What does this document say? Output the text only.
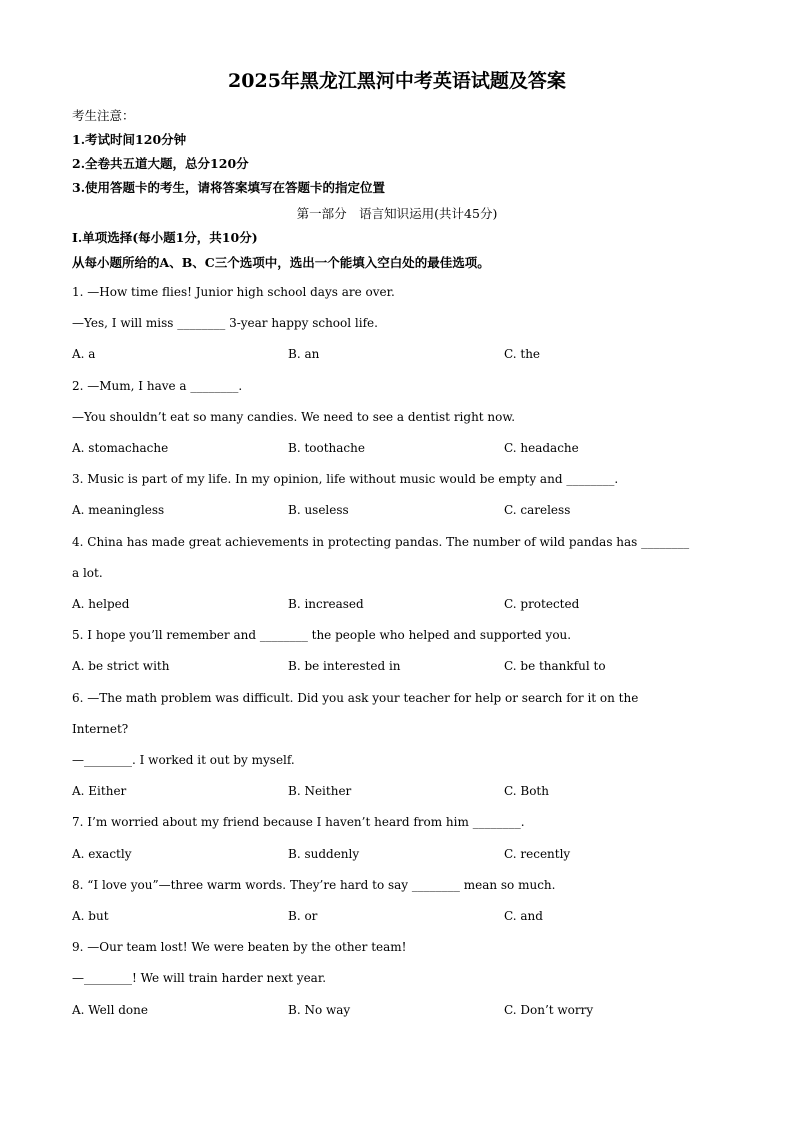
2025年黑龙江黑河中考英语试题及答案
考生注意：
1.考试时间120分钟
2.全卷共五道大题，总分120分
3.使用答题卡的考生，请将答案填写在答题卡的指定位置
第一部分　语言知识运用(共计45分)
I.单项选择(每小题1分，共10分)
从每小题所给的A、B、C三个选项中，选出一个能填入空白处的最佳选项。
1. —How time flies! Junior high school days are over.
—Yes, I will miss ________ 3-year happy school life.
A. a	B. an	C. the
2. —Mum, I have a ________.
—You shouldn’t eat so many candies. We need to see a dentist right now.
A. stomachache	B. toothache	C. headache
3. Music is part of my life. In my opinion, life without music would be empty and ________.
A. meaningless	B. useless	C. careless
4. China has made great achievements in protecting pandas. The number of wild pandas has ________
a lot.
A. helped	B. increased	C. protected
5. I hope you’ll remember and ________ the people who helped and supported you.
A. be strict with	B. be interested in	C. be thankful to
6. —The math problem was difficult. Did you ask your teacher for help or search for it on the
Internet?
—________. I worked it out by myself.
A. Either	B. Neither	C. Both
7. I’m worried about my friend because I haven’t heard from him ________.
A. exactly	B. suddenly	C. recently
8. “I love you”—three warm words. They’re hard to say ________ mean so much.
A. but	B. or	C. and
9. —Our team lost! We were beaten by the other team!
—________! We will train harder next year.
A. Well done	B. No way	C. Don’t worry
